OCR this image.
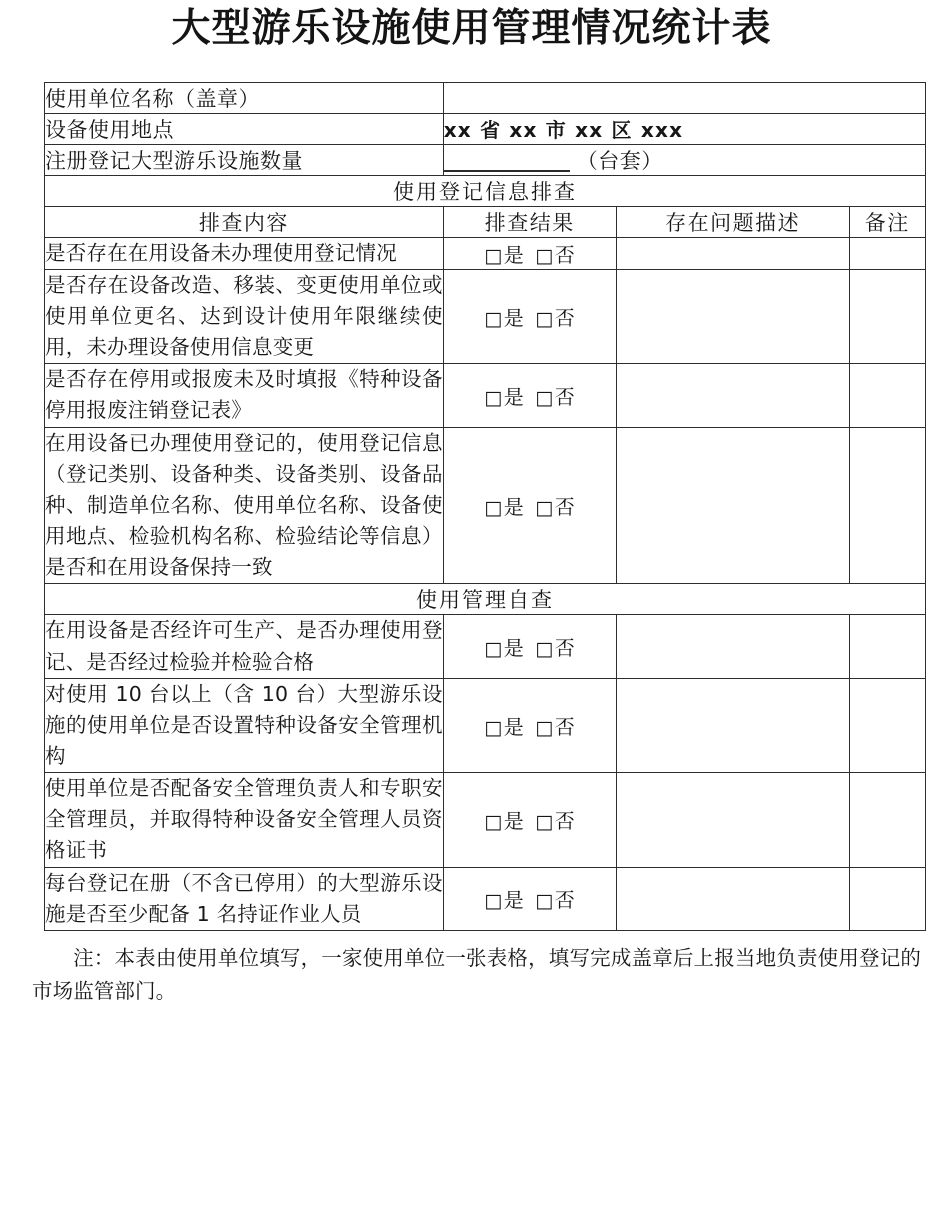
大型游乐设施使用管理情况统计表
使用单位名称（盖章）			
设备使用地点	xx 省 xx 市 xx 区 xxx		
注册登记大型游乐设施数量	（台套）		
使用登记信息排查			
排查内容	排查结果	存在问题描述	备注
是否存在在用设备未办理使用登记情况	□是 □否		
是否存在设备改造、移装、变更使用单位或使用单位更名、达到设计使用年限继续使用，未办理设备使用信息变更	□是 □否		
是否存在停用或报废未及时填报《特种设备停用报废注销登记表》	□是 □否		
在用设备已办理使用登记的，使用登记信息（登记类别、设备种类、设备类别、设备品种、制造单位名称、使用单位名称、设备使用地点、检验机构名称、检验结论等信息）是否和在用设备保持一致	□是 □否		
使用管理自查			
在用设备是否经许可生产、是否办理使用登记、是否经过检验并检验合格	□是 □否		
对使用 10 台以上（含 10 台）大型游乐设施的使用单位是否设置特种设备安全管理机构	□是 □否		
使用单位是否配备安全管理负责人和专职安全管理员，并取得特种设备安全管理人员资格证书	□是 □否		
每台登记在册（不含已停用）的大型游乐设施是否至少配备 1 名持证作业人员	□是 □否		
注：本表由使用单位填写，一家使用单位一张表格，填写完成盖章后上报当地负责使用登记的市场监管部门。
